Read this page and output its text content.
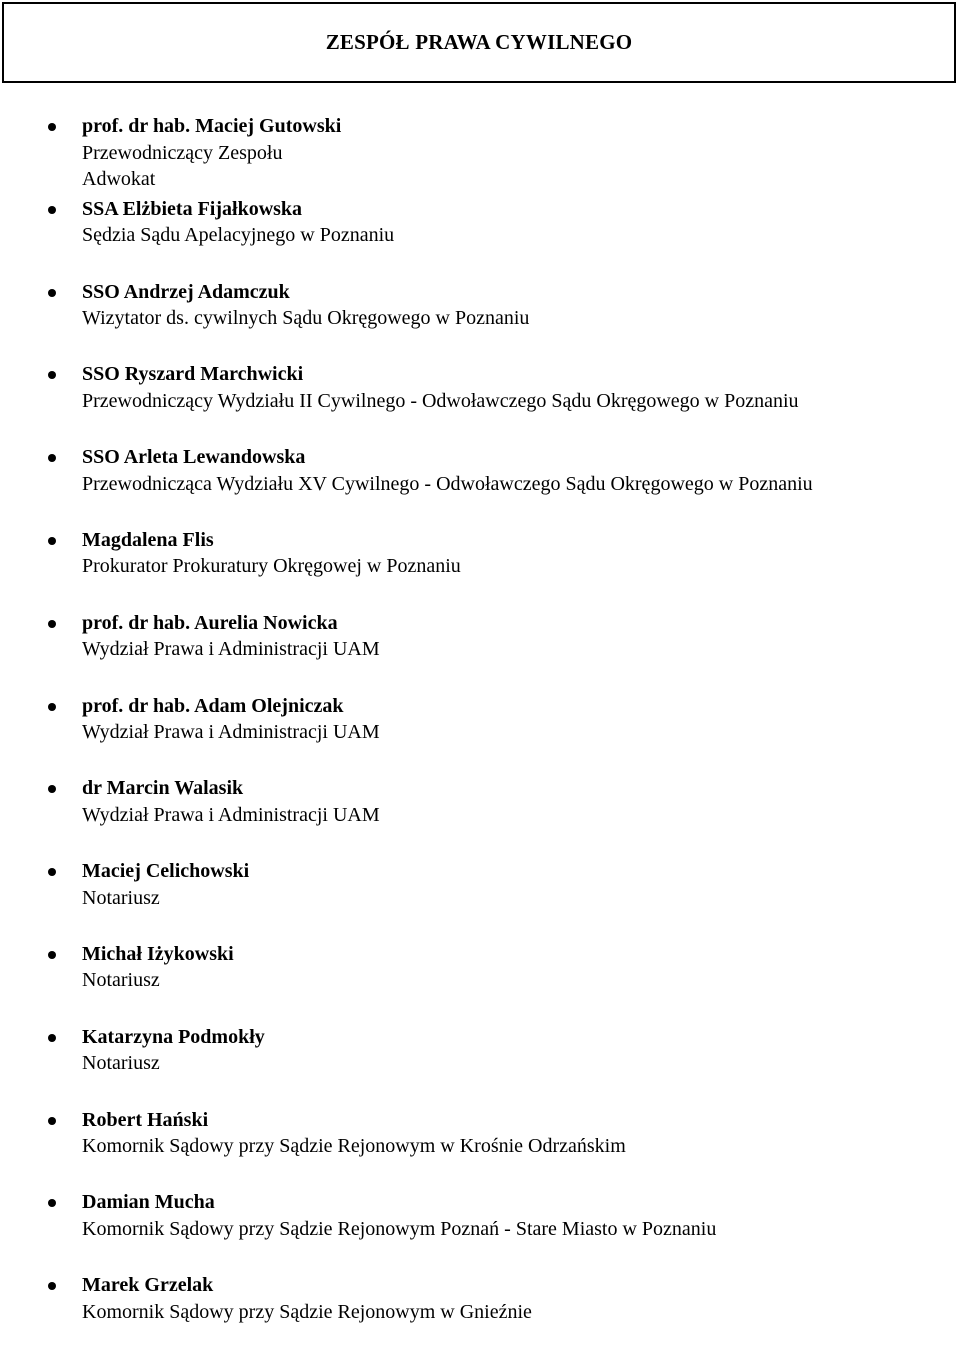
ZESPÓŁ PRAWA CYWILNEGO
prof. dr hab. Maciej Gutowski
Przewodniczący Zespołu
Adwokat
SSA Elżbieta Fijałkowska
Sędzia Sądu Apelacyjnego w Poznaniu
SSO Andrzej Adamczuk
Wizytator ds. cywilnych Sądu Okręgowego w Poznaniu
SSO Ryszard Marchwicki
Przewodniczący Wydziału II Cywilnego - Odwoławczego Sądu Okręgowego w Poznaniu
SSO Arleta Lewandowska
Przewodnicząca Wydziału XV Cywilnego - Odwoławczego Sądu Okręgowego w Poznaniu
Magdalena Flis
Prokurator Prokuratury Okręgowej w Poznaniu
prof. dr hab. Aurelia Nowicka
Wydział Prawa i Administracji UAM
prof. dr hab. Adam Olejniczak
Wydział Prawa i Administracji UAM
dr Marcin Walasik
Wydział Prawa i Administracji UAM
Maciej Celichowski
Notariusz
Michał Iżykowski
Notariusz
Katarzyna Podmokły
Notariusz
Robert Hański
Komornik Sądowy przy Sądzie Rejonowym w Krośnie Odrzańskim
Damian Mucha
Komornik Sądowy przy Sądzie Rejonowym Poznań - Stare Miasto w Poznaniu
Marek Grzelak
Komornik Sądowy przy Sądzie Rejonowym w Gnieźnie
